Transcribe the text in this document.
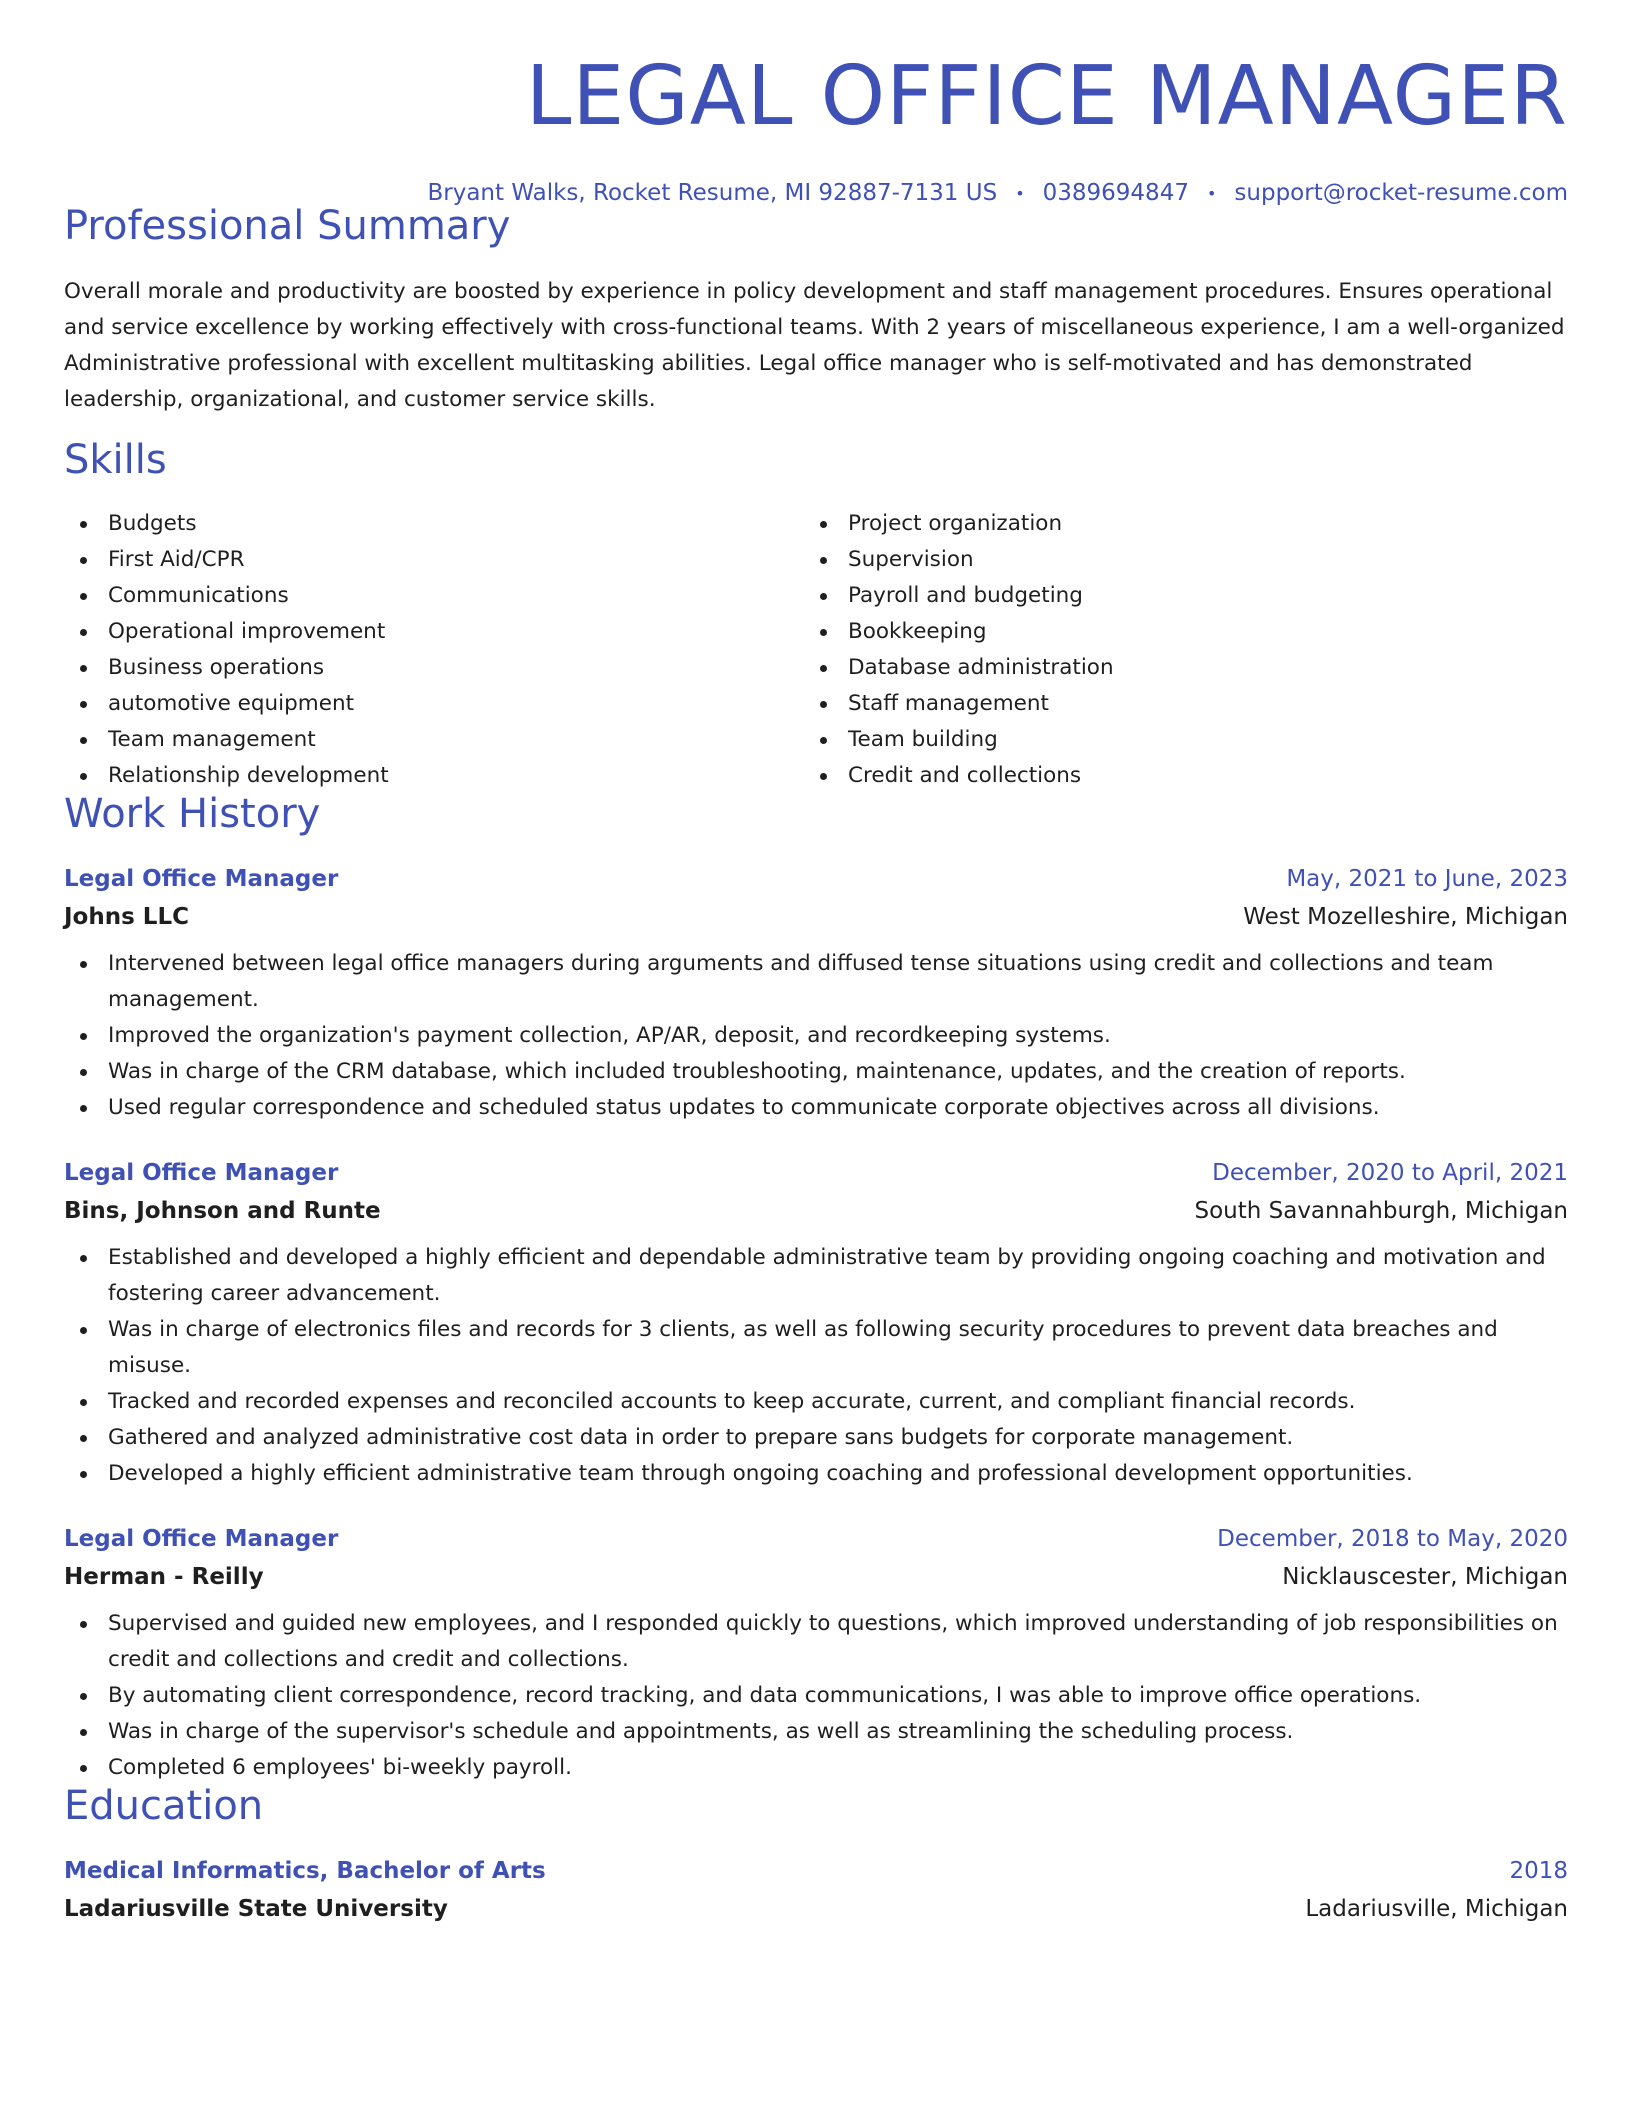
LEGAL OFFICE MANAGER
Bryant Walks, Rocket Resume, MI 92887-7131 US • 0389694847 • support@rocket-resume.com
Professional Summary

Overall morale and productivity are boosted by experience in policy development and staff management procedures. Ensures operational and service excellence by working effectively with cross-functional teams. With 2 years of miscellaneous experience, I am a well-organized Administrative professional with excellent multitasking abilities. Legal office manager who is self-motivated and has demonstrated leadership, organizational, and customer service skills.

Skills
Budgets
First Aid/CPR
Communications
Operational improvement
Business operations
automotive equipment
Team management
Relationship development
Project organization
Supervision
Payroll and budgeting
Bookkeeping
Database administration
Staff management
Team building
Credit and collections
Work History
Legal Office Manager	May, 2021 to June, 2023
Johns LLC	West Mozelleshire, Michigan
Intervened between legal office managers during arguments and diffused tense situations using credit and collections and team management.
Improved the organization's payment collection, AP/AR, deposit, and recordkeeping systems.
Was in charge of the CRM database, which included troubleshooting, maintenance, updates, and the creation of reports.
Used regular correspondence and scheduled status updates to communicate corporate objectives across all divisions.
Legal Office Manager	December, 2020 to April, 2021
Bins, Johnson and Runte	South Savannahburgh, Michigan
Established and developed a highly efficient and dependable administrative team by providing ongoing coaching and motivation and fostering career advancement.
Was in charge of electronics files and records for 3 clients, as well as following security procedures to prevent data breaches and misuse.
Tracked and recorded expenses and reconciled accounts to keep accurate, current, and compliant financial records.
Gathered and analyzed administrative cost data in order to prepare sans budgets for corporate management.
Developed a highly efficient administrative team through ongoing coaching and professional development opportunities.
Legal Office Manager	December, 2018 to May, 2020
Herman - Reilly	Nicklauscester, Michigan
Supervised and guided new employees, and I responded quickly to questions, which improved understanding of job responsibilities on credit and collections and credit and collections.
By automating client correspondence, record tracking, and data communications, I was able to improve office operations.
Was in charge of the supervisor's schedule and appointments, as well as streamlining the scheduling process.
Completed 6 employees' bi-weekly payroll.
Education
Medical Informatics, Bachelor of Arts	2018
Ladariusville State University	Ladariusville, Michigan
